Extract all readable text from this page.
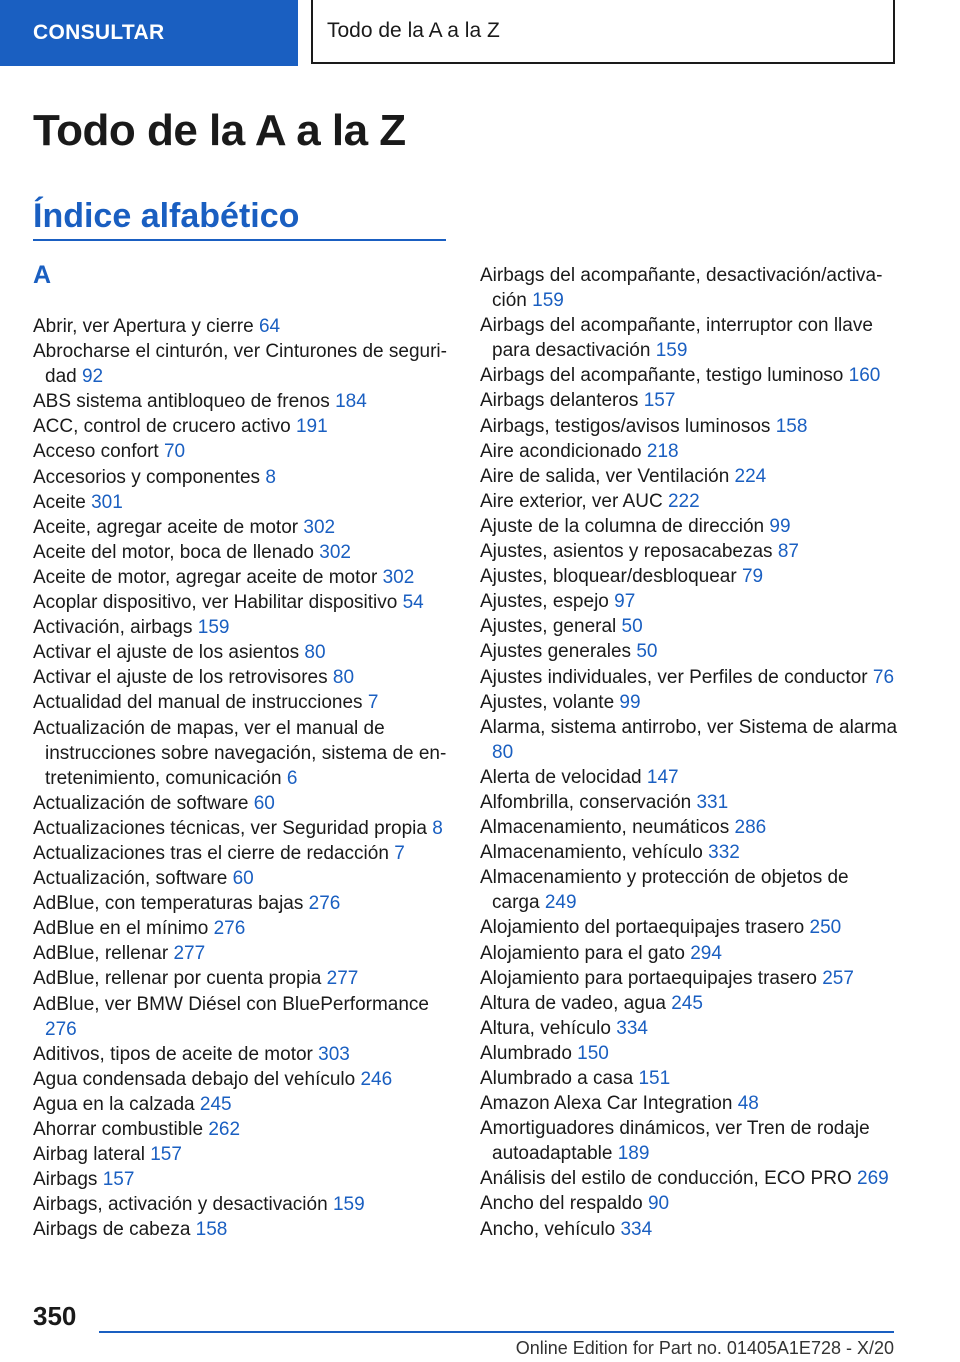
CONSULTAR	Todo de la A a la Z
Todo de la A a la Z
Índice alfabético
A
Abrir, ver Apertura y cierre 64
Abrocharse el cinturón, ver Cinturones de seguridad 92
ABS sistema antibloqueo de frenos 184
ACC, control de crucero activo 191
Acceso confort 70
Accesorios y componentes 8
Aceite 301
Aceite, agregar aceite de motor 302
Aceite del motor, boca de llenado 302
Aceite de motor, agregar aceite de motor 302
Acoplar dispositivo, ver Habilitar dispositivo 54
Activación, airbags 159
Activar el ajuste de los asientos 80
Activar el ajuste de los retrovisores 80
Actualidad del manual de instrucciones 7
Actualización de mapas, ver el manual de instrucciones sobre navegación, sistema de entretenimiento, comunicación 6
Actualización de software 60
Actualizaciones técnicas, ver Seguridad propia 8
Actualizaciones tras el cierre de redacción 7
Actualización, software 60
AdBlue, con temperaturas bajas 276
AdBlue en el mínimo 276
AdBlue, rellenar 277
AdBlue, rellenar por cuenta propia 277
AdBlue, ver BMW Diésel con BluePerformance 276
Aditivos, tipos de aceite de motor 303
Agua condensada debajo del vehículo 246
Agua en la calzada 245
Ahorrar combustible 262
Airbag lateral 157
Airbags 157
Airbags, activación y desactivación 159
Airbags de cabeza 158
Airbags del acompañante, desactivación/activación 159
Airbags del acompañante, interruptor con llave para desactivación 159
Airbags del acompañante, testigo luminoso 160
Airbags delanteros 157
Airbags, testigos/avisos luminosos 158
Aire acondicionado 218
Aire de salida, ver Ventilación 224
Aire exterior, ver AUC 222
Ajuste de la columna de dirección 99
Ajustes, asientos y reposacabezas 87
Ajustes, bloquear/desbloquear 79
Ajustes, espejo 97
Ajustes, general 50
Ajustes generales 50
Ajustes individuales, ver Perfiles de conductor 76
Ajustes, volante 99
Alarma, sistema antirrobo, ver Sistema de alarma 80
Alerta de velocidad 147
Alfombrilla, conservación 331
Almacenamiento, neumáticos 286
Almacenamiento, vehículo 332
Almacenamiento y protección de objetos de carga 249
Alojamiento del portaequipajes trasero 250
Alojamiento para el gato 294
Alojamiento para portaequipajes trasero 257
Altura de vadeo, agua 245
Altura, vehículo 334
Alumbrado 150
Alumbrado a casa 151
Amazon Alexa Car Integration 48
Amortiguadores dinámicos, ver Tren de rodaje autoadaptable 189
Análisis del estilo de conducción, ECO PRO 269
Ancho del respaldo 90
Ancho, vehículo 334
350
Online Edition for Part no. 01405A1E728 - X/20
